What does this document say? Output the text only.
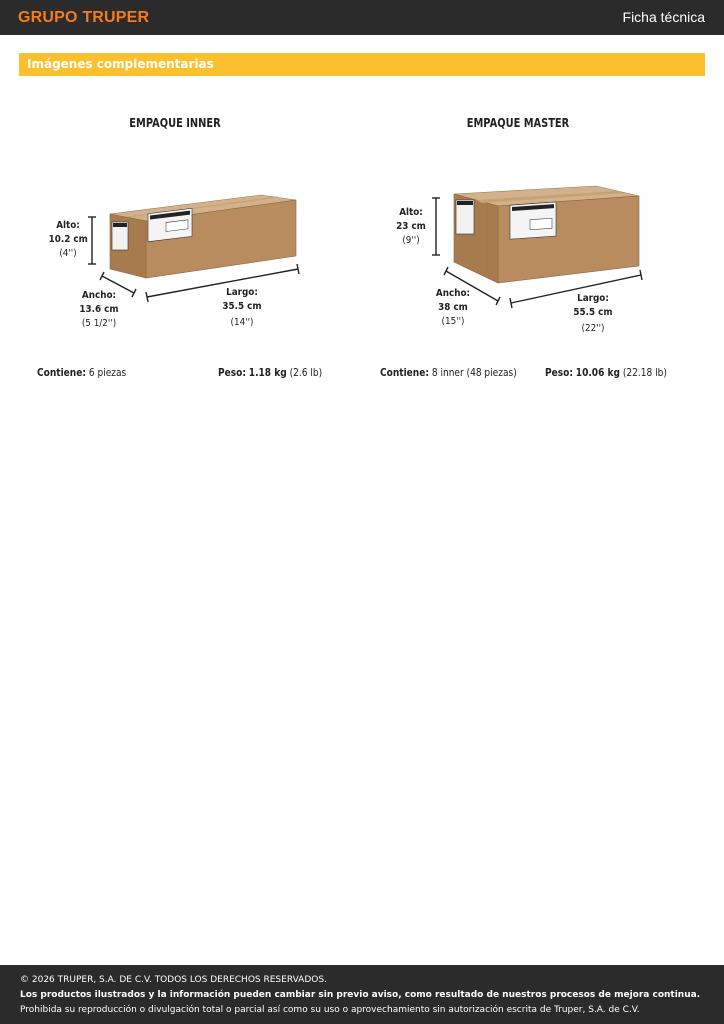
GRUPO TRUPER	Ficha técnica
Imágenes complementarias
EMPAQUE INNER
Alto:
10.2 cm
(4'')
Ancho:
13.6 cm
(5 1/2'')
Largo:
35.5 cm
(14'')
Contiene: 6 piezas	Peso: 1.18 kg (2.6 lb)
EMPAQUE MASTER
Alto:
23 cm
(9'')
Ancho:
38 cm
(15'')
Largo:
55.5 cm
(22'')
Contiene: 8 inner (48 piezas)	Peso: 10.06 kg (22.18 lb)
© 2026 TRUPER, S.A. DE C.V. TODOS LOS DERECHOS RESERVADOS.
Los productos ilustrados y la información pueden cambiar sin previo aviso, como resultado de nuestros procesos de mejora continua.
Prohibida su reproducción o divulgación total o parcial así como su uso o aprovechamiento sin autorización escrita de Truper, S.A. de C.V.
